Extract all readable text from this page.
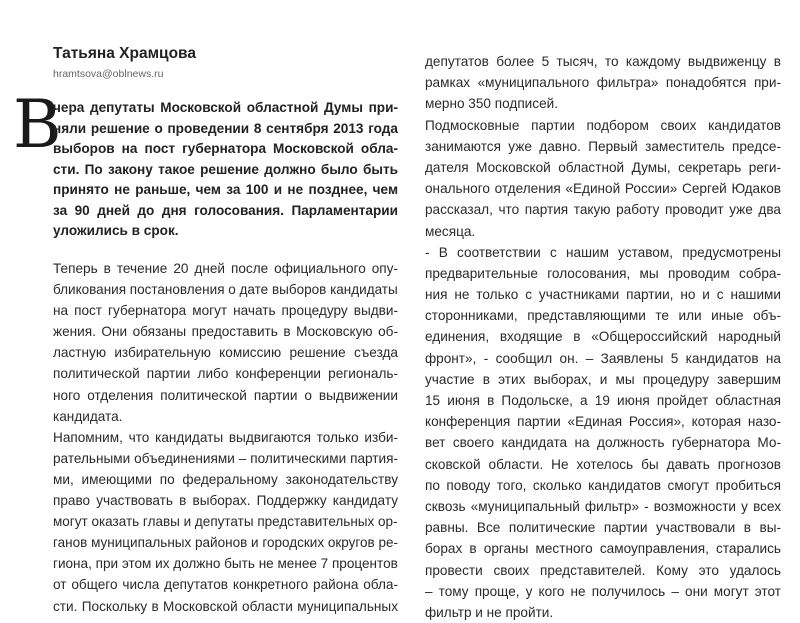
Татьяна Храмцова
hramtsova@oblnews.ru
В
чера депутаты Московской областной Думы при-
няли решение о проведении 8 сентября 2013 года
выборов на пост губернатора Московской обла-
сти. По закону такое решение должно было быть
принято не раньше, чем за 100 и не позднее, чем
за 90 дней до дня голосования. Парламентарии
уложились в срок.
Теперь в течение 20 дней после официального опу-
бликования постановления о дате выборов кандидаты
на пост губернатора могут начать процедуру выдви-
жения. Они обязаны предоставить в Московскую об-
ластную избирательную комиссию решение съезда
политической партии либо конференции региональ-
ного отделения политической партии о выдвижении
кандидата.
Напомним, что кандидаты выдвигаются только изби-
рательными объединениями – политическими партия-
ми, имеющими по федеральному законодательству
право участвовать в выборах. Поддержку кандидату
могут оказать главы и депутаты представительных ор-
ганов муниципальных районов и городских округов ре-
гиона, при этом их должно быть не менее 7 процентов
от общего числа депутатов конкретного района обла-
сти. Поскольку в Московской области муниципальных
депутатов более 5 тысяч, то каждому выдвиженцу в
рамках «муниципального фильтра» понадобятся при-
мерно 350 подписей.
Подмосковные партии подбором своих кандидатов
занимаются уже давно. Первый заместитель предсе-
дателя Московской областной Думы, секретарь реги-
онального отделения «Единой России» Сергей Юдаков
рассказал, что партия такую работу проводит уже два
месяца.
- В соответствии с нашим уставом, предусмотрены
предварительные голосования, мы проводим собра-
ния не только с участниками партии, но и с нашими
сторонниками, представляющими те или иные объ-
единения, входящие в «Общероссийский народный
фронт», - сообщил он. – Заявлены 5 кандидатов на
участие в этих выборах, и мы процедуру завершим
15 июня в Подольске, а 19 июня пройдет областная
конференция партии «Единая Россия», которая назо-
вет своего кандидата на должность губернатора Мо-
сковской области. Не хотелось бы давать прогнозов
по поводу того, сколько кандидатов смогут пробиться
сквозь «муниципальный фильтр» - возможности у всех
равны. Все политические партии участвовали в вы-
борах в органы местного самоуправления, старались
провести своих представителей. Кому это удалось
– тому проще, у кого не получилось – они могут этот
фильтр и не пройти.
